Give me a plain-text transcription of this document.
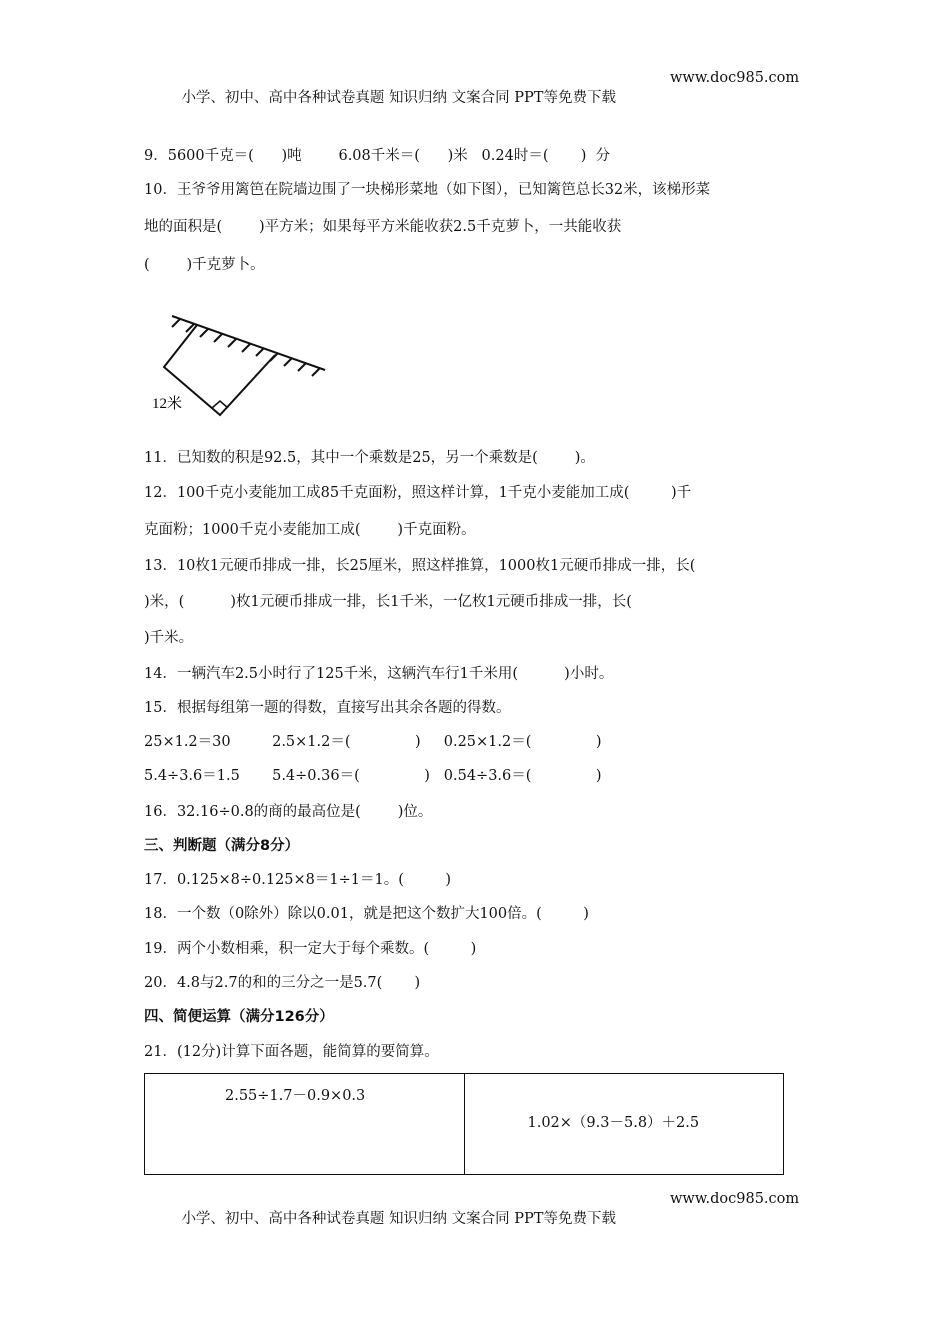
小学、初中、高中各种试卷真题 知识归纳 文案合同 PPT等免费下载

www.doc985.com

9．5600千克＝(      )吨        6.08千米＝(      )米   0.24时＝(       )  分
10．王爷爷用篱笆在院墙边围了一块梯形菜地（如下图），已知篱笆总长32米，该梯形菜
地的面积是(        )平方米；如果每平方米能收获2.5千克萝卜，一共能收获
(        )千克萝卜。
12米
11．已知数的积是92.5，其中一个乘数是25，另一个乘数是(        )。
12．100千克小麦能加工成85千克面粉，照这样计算，1千克小麦能加工成(         )千
克面粉；1000千克小麦能加工成(        )千克面粉。
13．10枚1元硬币排成一排，长25厘米，照这样推算，1000枚1元硬币排成一排，长(
)米，(          )枚1元硬币排成一排，长1千米，一亿枚1元硬币排成一排，长(
)千米。
14．一辆汽车2.5小时行了125千米，这辆汽车行1千米用(          )小时。
15．根据每组第一题的得数，直接写出其余各题的得数。
25×1.2＝30         2.5×1.2＝(              )     0.25×1.2＝(              )
5.4÷3.6＝1.5       5.4÷0.36＝(              )   0.54÷3.6＝(              )
16．32.16÷0.8的商的最高位是(        )位。
三、判断题（满分8分）
17．0.125×8÷0.125×8＝1÷1＝1。(         )
18．一个数（0除外）除以0.01，就是把这个数扩大100倍。(         )
19．两个小数相乘，积一定大于每个乘数。(         )
20．4.8与2.7的和的三分之一是5.7(       )
四、简便运算（满分126分）
21．(12分)计算下面各题，能简算的要简算。
2.55÷1.7－0.9×0.3
1.02×（9.3－5.8）＋2.5

小学、初中、高中各种试卷真题 知识归纳 文案合同 PPT等免费下载

www.doc985.com
